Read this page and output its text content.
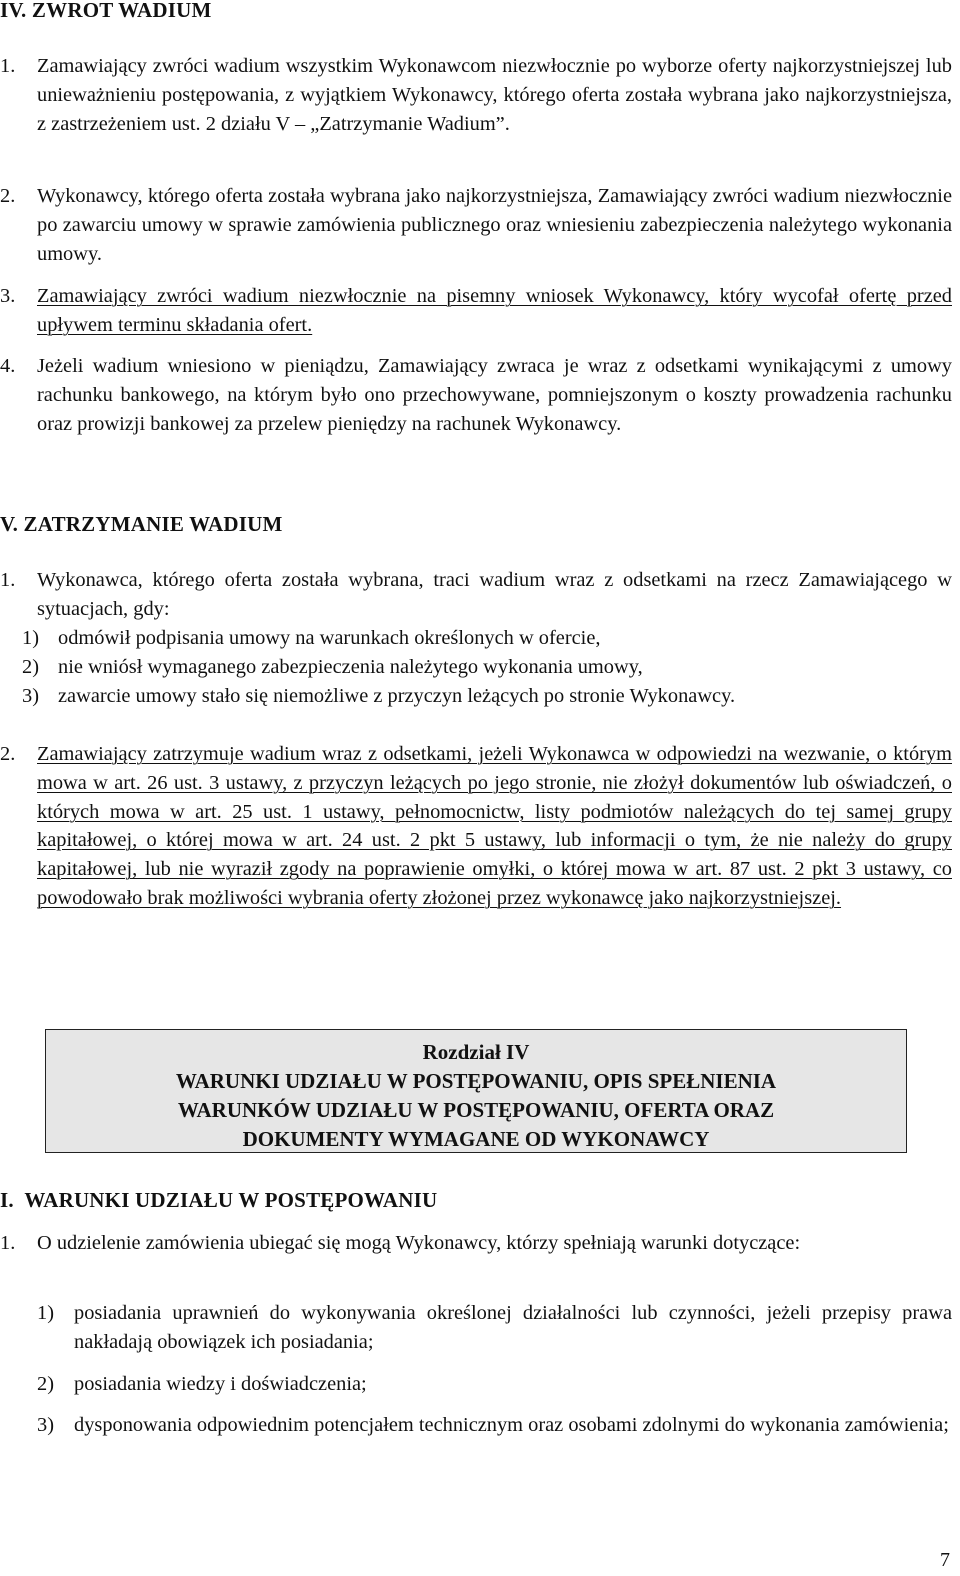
IV. ZWROT WADIUM
1.	Zamawiający zwróci wadium wszystkim Wykonawcom niezwłocznie po wyborze oferty najkorzystniejszej lub unieważnieniu postępowania, z wyjątkiem Wykonawcy, którego oferta została wybrana jako najkorzystniejsza, z zastrzeżeniem ust. 2 działu V – „Zatrzymanie Wadium”.
2.	Wykonawcy, którego oferta została wybrana jako najkorzystniejsza, Zamawiający zwróci wadium niezwłocznie po zawarciu umowy w sprawie zamówienia publicznego oraz wniesieniu zabezpieczenia należytego wykonania umowy.
3.	Zamawiający zwróci wadium niezwłocznie na pisemny wniosek Wykonawcy, który wycofał ofertę przed upływem terminu składania ofert.
4.	Jeżeli wadium wniesiono w pieniądzu, Zamawiający zwraca je wraz z odsetkami wynikającymi z umowy rachunku bankowego, na którym było ono przechowywane, pomniejszonym o koszty prowadzenia rachunku oraz prowizji bankowej za przelew pieniędzy na rachunek Wykonawcy.
V. ZATRZYMANIE WADIUM
1.	Wykonawca, którego oferta została wybrana, traci wadium wraz z odsetkami na rzecz Zamawiającego w sytuacjach, gdy:
1) odmówił podpisania umowy na warunkach określonych w ofercie,
2) nie wniósł wymaganego zabezpieczenia należytego wykonania umowy,
3) zawarcie umowy stało się niemożliwe z przyczyn leżących po stronie Wykonawcy.
2.	Zamawiający zatrzymuje wadium wraz z odsetkami, jeżeli Wykonawca w odpowiedzi na wezwanie, o którym mowa w art. 26 ust. 3 ustawy, z przyczyn leżących po jego stronie, nie złożył dokumentów lub oświadczeń, o których mowa w art. 25 ust. 1 ustawy, pełnomocnictw, listy podmiotów należących do tej samej grupy kapitałowej, o której mowa w art. 24 ust. 2 pkt 5 ustawy, lub informacji o tym, że nie należy do grupy kapitałowej, lub nie wyraził zgody na poprawienie omyłki, o której mowa w art. 87 ust. 2 pkt 3 ustawy, co powodowało brak możliwości wybrania oferty złożonej przez wykonawcę jako najkorzystniejszej.
Rozdział IV
WARUNKI UDZIAŁU W POSTĘPOWANIU, OPIS SPEŁNIENIA
WARUNKÓW UDZIAŁU W POSTĘPOWANIU, OFERTA ORAZ
DOKUMENTY WYMAGANE OD WYKONAWCY
I.  WARUNKI UDZIAŁU W POSTĘPOWANIU
1.	O udzielenie zamówienia ubiegać się mogą Wykonawcy, którzy spełniają warunki dotyczące:
1) posiadania uprawnień do wykonywania określonej działalności lub czynności, jeżeli przepisy prawa nakładają obowiązek ich posiadania;
2) posiadania wiedzy i doświadczenia;
3) dysponowania odpowiednim potencjałem technicznym oraz osobami zdolnymi do wykonania zamówienia;
7
